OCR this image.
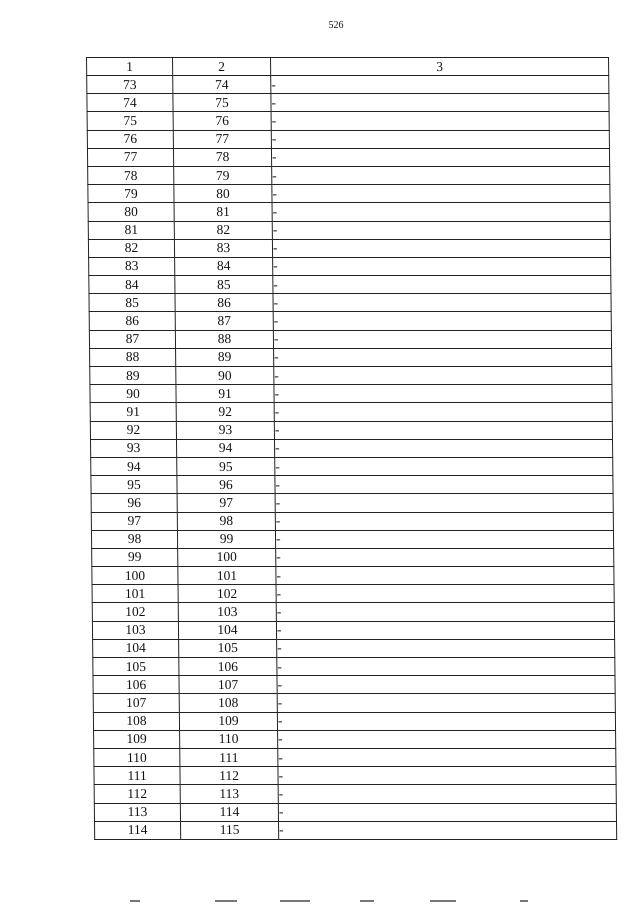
526
1	2	3
73	74	-
74	75	-
75	76	-
76	77	-
77	78	-
78	79	-
79	80	-
80	81	-
81	82	-
82	83	-
83	84	-
84	85	-
85	86	-
86	87	-
87	88	-
88	89	-
89	90	-
90	91	-
91	92	-
92	93	-
93	94	-
94	95	-
95	96	-
96	97	-
97	98	-
98	99	-
99	100	-
100	101	-
101	102	-
102	103	-
103	104	-
104	105	-
105	106	-
106	107	-
107	108	-
108	109	-
109	110	-
110	111	-
111	112	-
112	113	-
113	114	-
114	115	-
